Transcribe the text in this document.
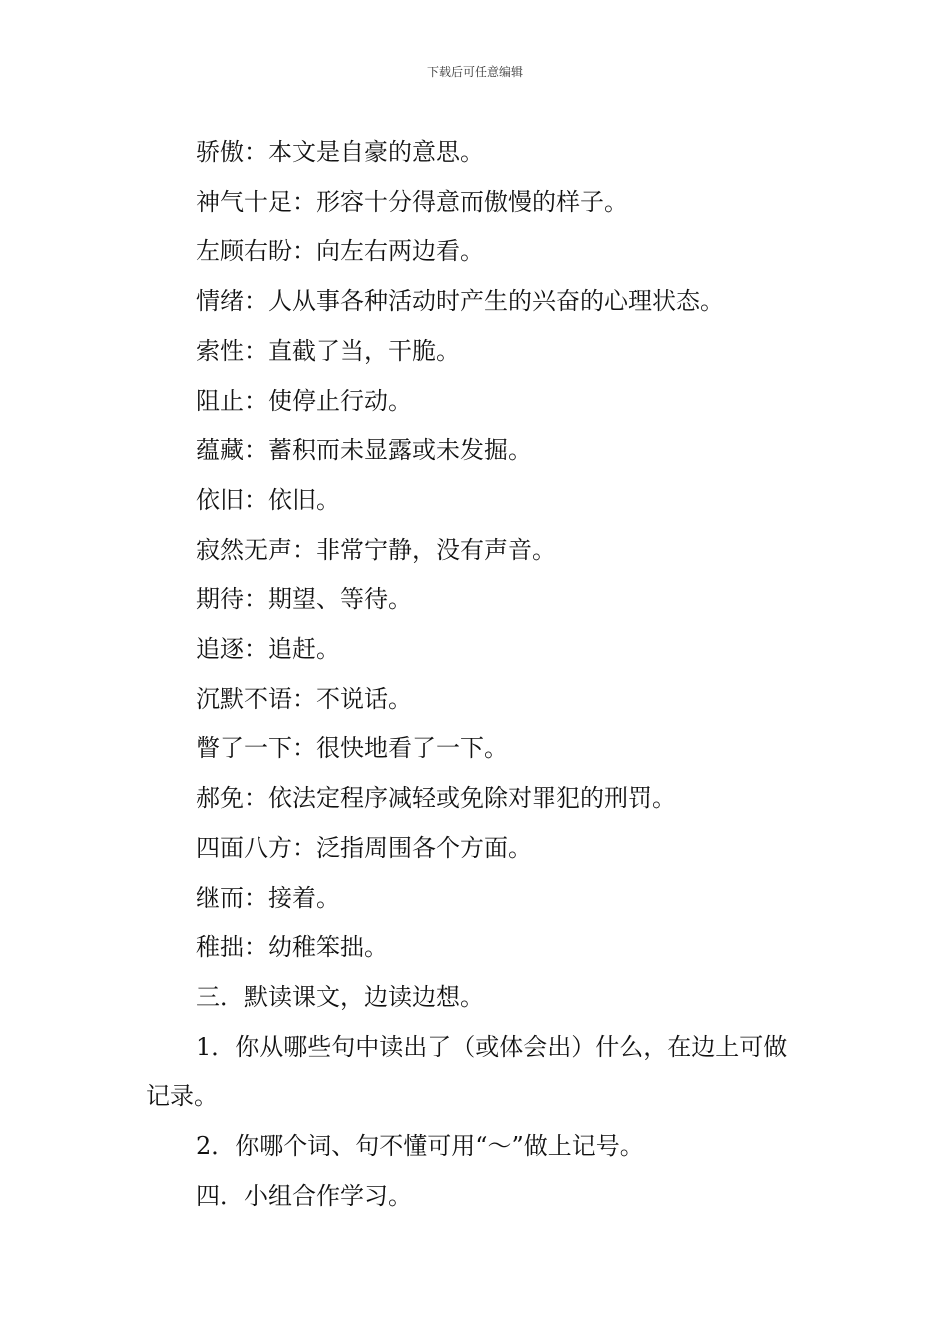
下载后可任意编辑

骄傲：本文是自豪的意思。

神气十足：形容十分得意而傲慢的样子。

左顾右盼：向左右两边看。

情绪：人从事各种活动时产生的兴奋的心理状态。

索性：直截了当，干脆。

阻止：使停止行动。

蕴藏：蓄积而未显露或未发掘。

依旧：依旧。

寂然无声：非常宁静，没有声音。

期待：期望、等待。

追逐：追赶。

沉默不语：不说话。

瞥了一下：很快地看了一下。

郝免：依法定程序减轻或免除对罪犯的刑罚。

四面八方：泛指周围各个方面。

继而：接着。

稚拙：幼稚笨拙。

三．默读课文，边读边想。

1．你从哪些句中读出了（或体会出）什么，在边上可做记录。

2．你哪个词、句不懂可用“～”做上记号。

四．小组合作学习。
